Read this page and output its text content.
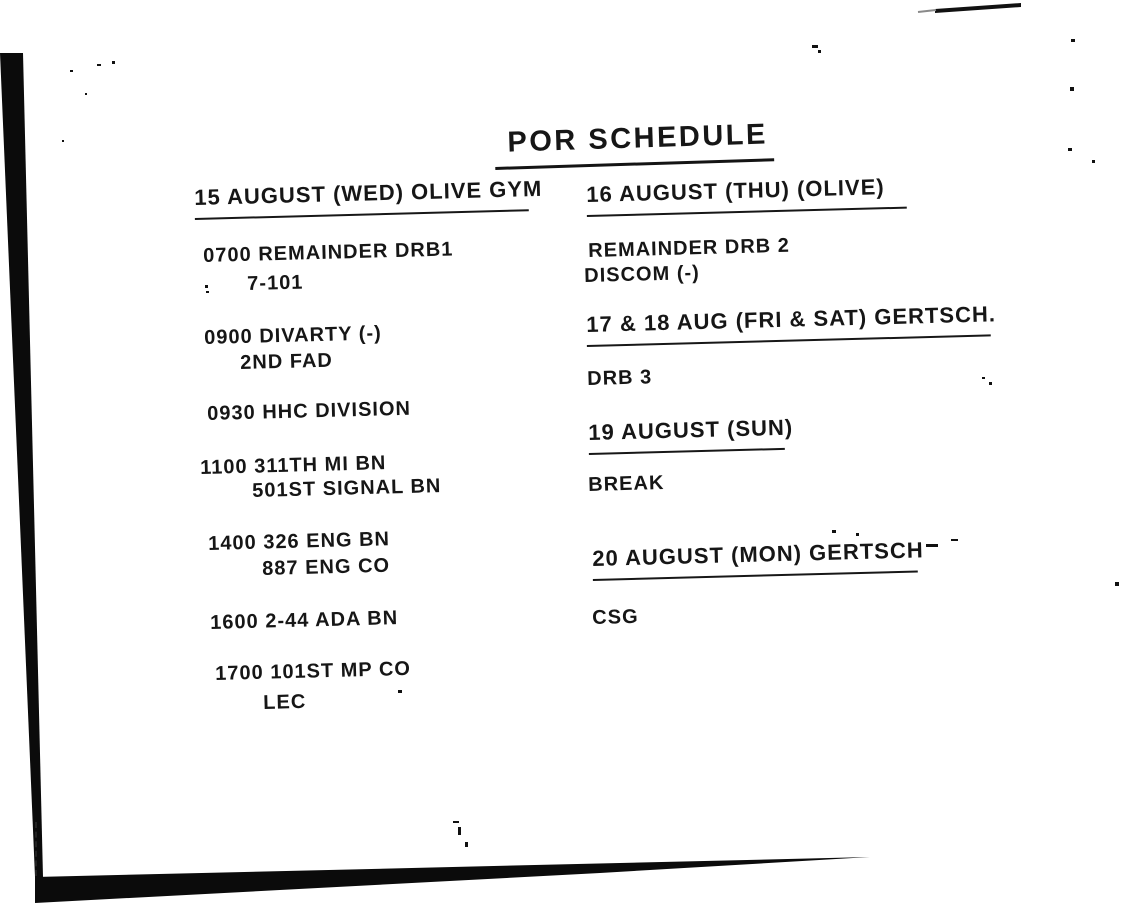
POR SCHEDULE
15 AUGUST (WED) OLIVE GYM
0700 REMAINDER DRB1
7-101
0900 DIVARTY (-)
2ND FAD
0930 HHC DIVISION
1100 311TH MI BN
501ST SIGNAL BN
1400 326 ENG BN
887 ENG CO
1600 2-44 ADA BN
1700 101ST MP CO
LEC
16 AUGUST (THU) (OLIVE)
REMAINDER DRB 2
DISCOM (-)
17 & 18 AUG (FRI & SAT) GERTSCH.
DRB 3
19 AUGUST (SUN)
BREAK
20 AUGUST (MON) GERTSCH
CSG
